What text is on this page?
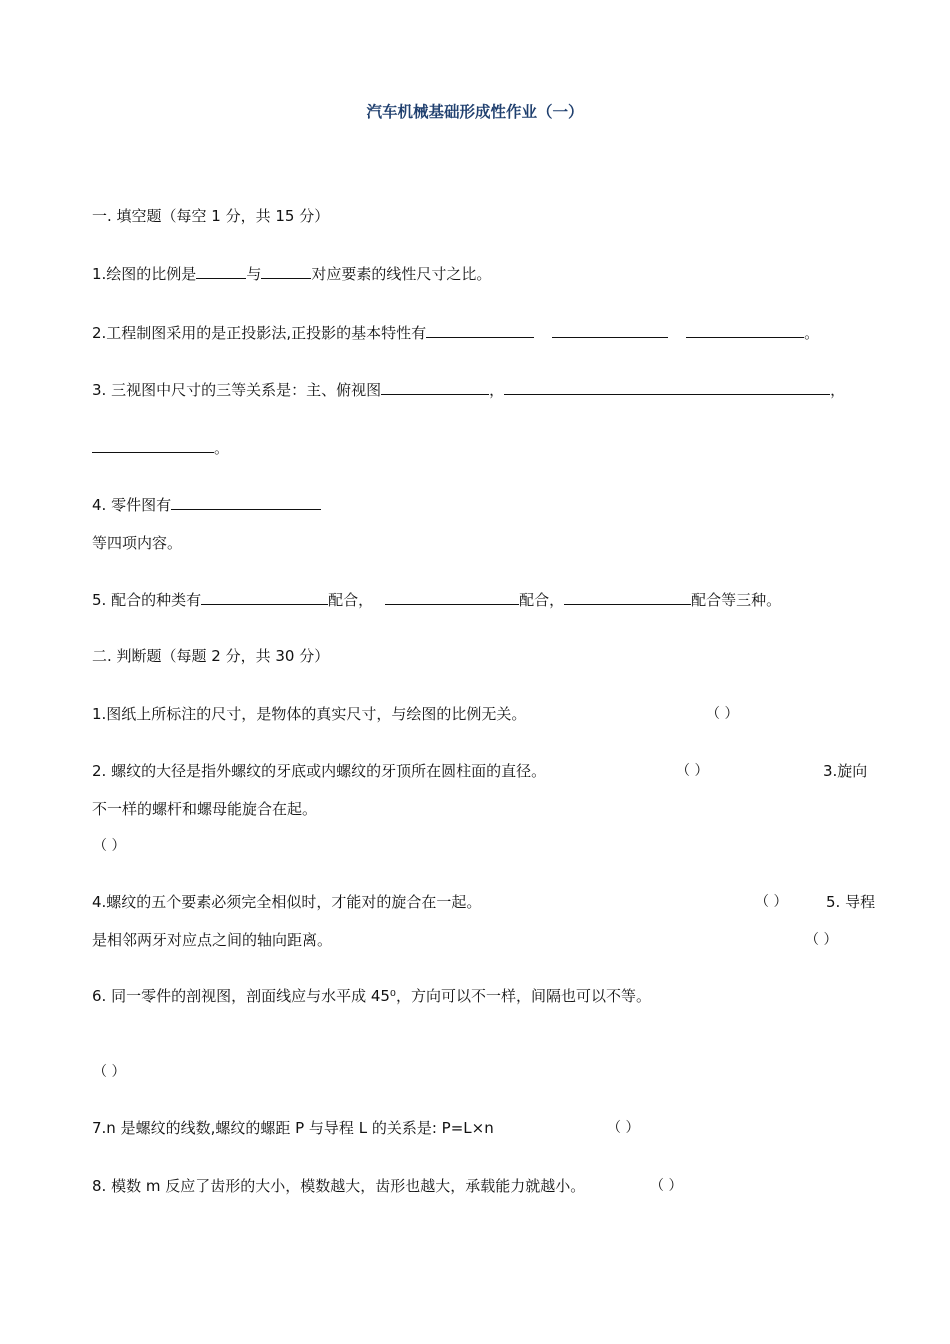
汽车机械基础形成性作业（一）
一. 填空题（每空 1 分，共 15 分）
1.绘图的比例是	与	对应要素的线性尺寸之比。
2.工程制图采用的是正投影法,正投影的基本特性有	。
3. 三视图中尺寸的三等关系是：主、俯视图	，	，
。
4. 零件图有
等四项内容。
5. 配合的种类有	配合，	配合，	配合等三种。
二. 判断题（每题 2 分，共 30 分）
1.图纸上所标注的尺寸，是物体的真实尺寸，与绘图的比例无关。	（ ）
2. 螺纹的大径是指外螺纹的牙底或内螺纹的牙顶所在圆柱面的直径。	（ ）	3.旋向
不一样的螺杆和螺母能旋合在起。
（ ）
4.螺纹的五个要素必须完全相似时，才能对的旋合在一起。	（ ）	5. 导程
是相邻两牙对应点之间的轴向距离。	（ ）
6. 同一零件的剖视图，剖面线应与水平成 45⁰，方向可以不一样，间隔也可以不等。
（ ）
7.n 是螺纹的线数,螺纹的螺距 P 与导程 L 的关系是: P=L×n	（ ）
8. 模数 m 反应了齿形的大小，模数越大，齿形也越大，承载能力就越小。	（ ）
